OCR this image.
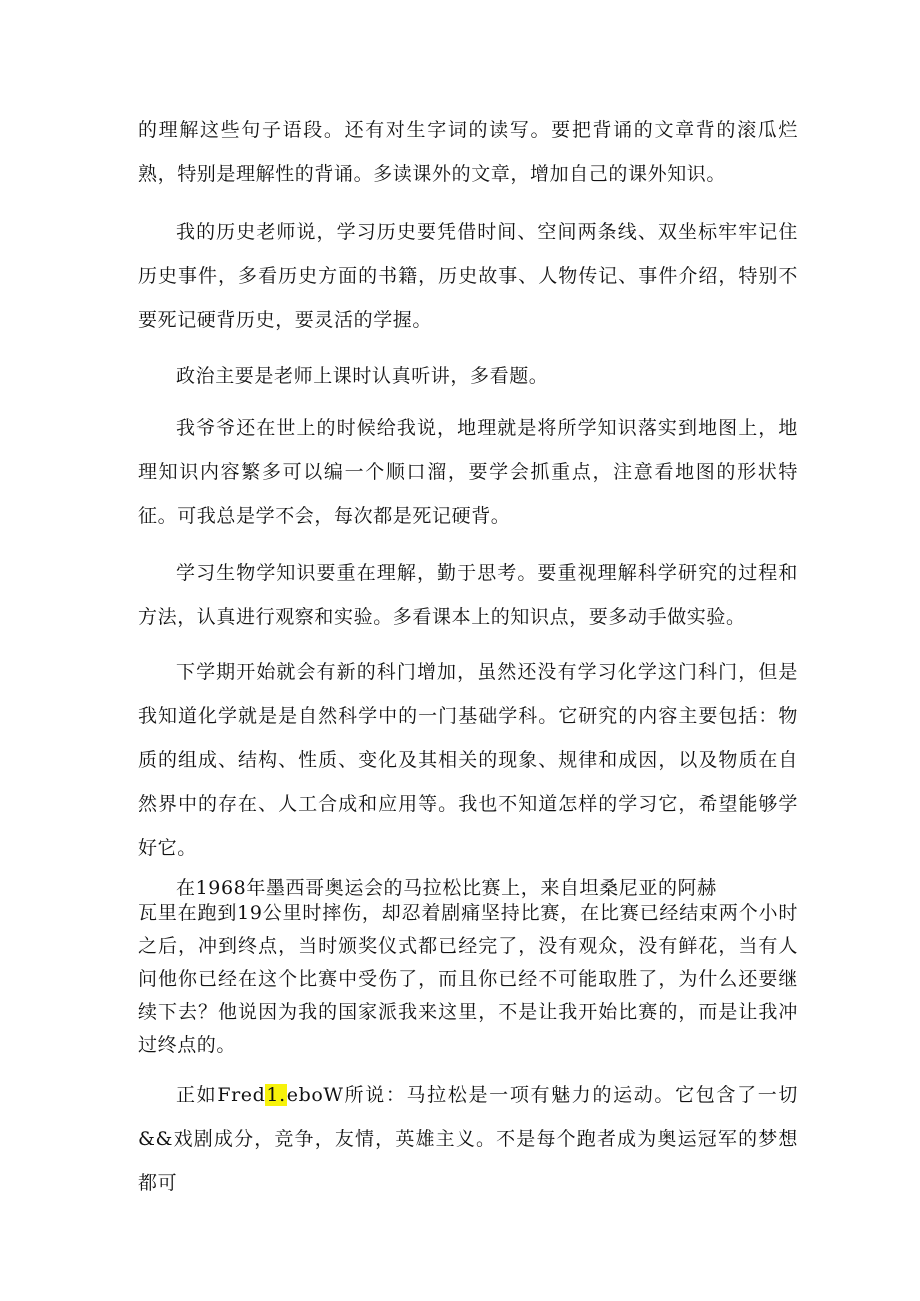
的理解这些句子语段。还有对生字词的读写。要把背诵的文章背的滚瓜烂熟，特别是理解性的背诵。多读课外的文章，增加自己的课外知识。

我的历史老师说，学习历史要凭借时间、空间两条线、双坐标牢牢记住历史事件，多看历史方面的书籍，历史故事、人物传记、事件介绍，特别不要死记硬背历史，要灵活的学握。

政治主要是老师上课时认真听讲，多看题。

我爷爷还在世上的时候给我说，地理就是将所学知识落实到地图上，地理知识内容繁多可以编一个顺口溜，要学会抓重点，注意看地图的形状特征。可我总是学不会，每次都是死记硬背。

学习生物学知识要重在理解，勤于思考。要重视理解科学研究的过程和方法，认真进行观察和实验。多看课本上的知识点，要多动手做实验。

下学期开始就会有新的科门增加，虽然还没有学习化学这门科门，但是我知道化学就是是自然科学中的一门基础学科。它研究的内容主要包括：物质的组成、结构、性质、变化及其相关的现象、规律和成因，以及物质在自然界中的存在、人工合成和应用等。我也不知道怎样的学习它，希望能够学好它。

在1968年墨西哥奥运会的马拉松比赛上，来自坦桑尼亚的阿赫

瓦里在跑到19公里时摔伤，却忍着剧痛坚持比赛，在比赛已经结束两个小时之后，冲到终点，当时颁奖仪式都已经完了，没有观众，没有鲜花，当有人问他你已经在这个比赛中受伤了，而且你已经不可能取胜了，为什么还要继续下去？他说因为我的国家派我来这里，不是让我开始比赛的，而是让我冲过终点的。

正如Fred1.eboW所说：马拉松是一项有魅力的运动。它包含了一切&&戏剧成分，竞争，友情，英雄主义。不是每个跑者成为奥运冠军的梦想都可
